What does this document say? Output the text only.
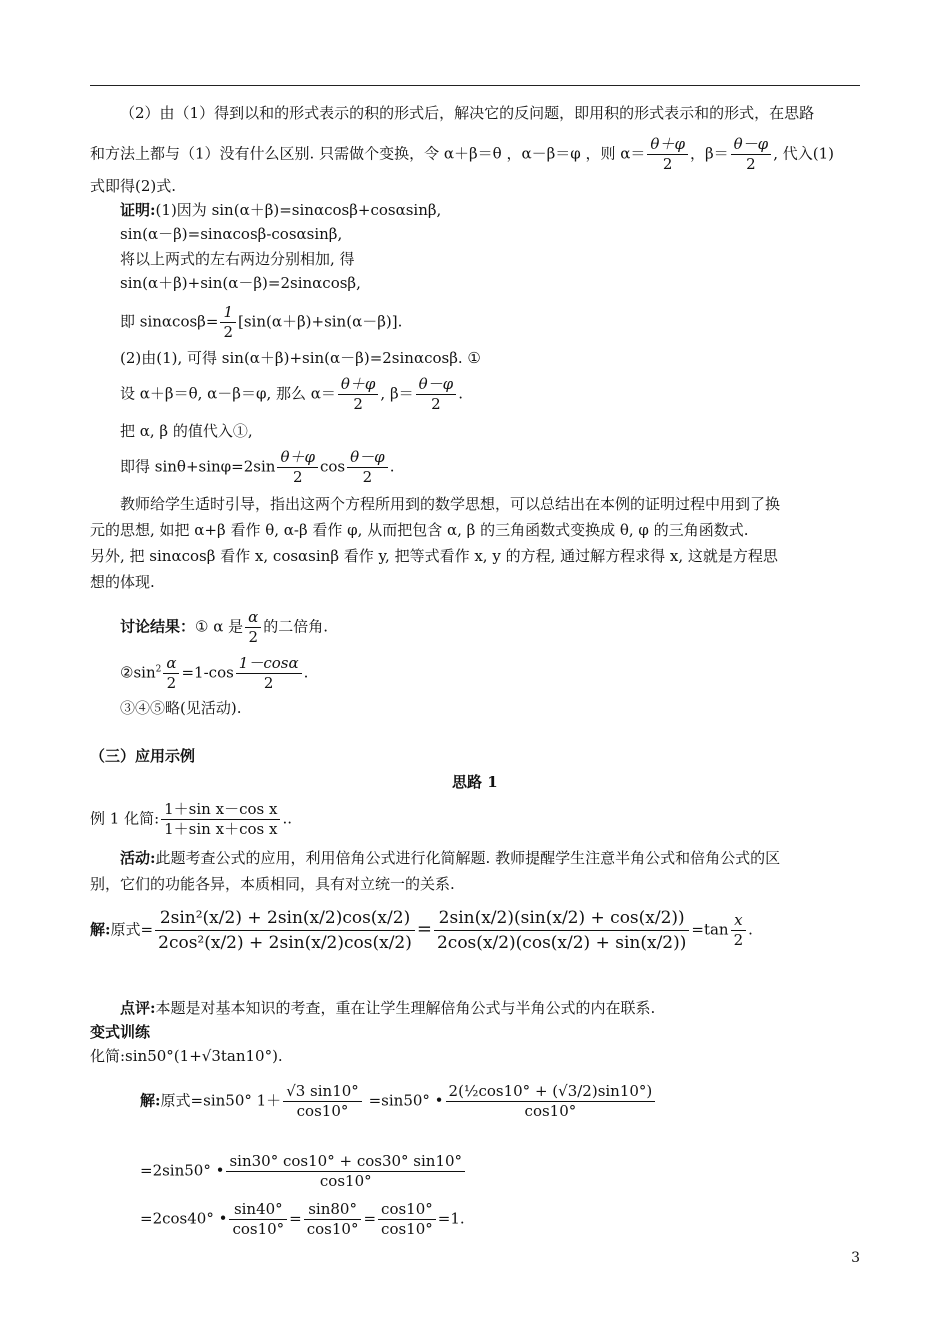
（2）由（1）得到以和的形式表示的积的形式后，解决它的反问题，即用积的形式表示和的形式，在思路
和方法上都与（1）没有什么区别. 只需做个变换，令 α＋β＝θ ，α－β＝φ ，则 $\alpha= \frac{\theta+\varphi}{2}$ ，$\beta= \frac{\theta-\varphi}{2}$ , 代入(1)
式即得(2)式.
证明:(1)因为 sin(α＋β)=sinαcosβ+cosαsinβ,
sin(α－β)=sinαcosβ-cosαsinβ,
将以上两式的左右两边分别相加, 得
sin(α＋β)+sin(α－β)=2sinαcosβ,
即 $\sin\alpha\cos\beta= \frac{1}{2} [\sin(\alpha+\beta)+\sin(\alpha-\beta)]$.
(2)由(1), 可得 sin(α＋β)+sin(α－β)=2sinαcosβ. ①
设 α＋β＝θ, α－β＝φ, 那么 $\alpha= \frac{\theta+\varphi}{2}$ , $\beta= \frac{\theta-\varphi}{2}$ .
把 α, β 的值代入①,
即得 $\sin\theta+\sin\varphi=2\sin \frac{\theta+\varphi}{2}$ $\cos \frac{\theta-\varphi}{2}$ .
教师给学生适时引导，指出这两个方程所用到的数学思想，可以总结出在本例的证明过程中用到了换
元的思想, 如把 α+β 看作 θ, α-β 看作 φ, 从而把包含 α, β 的三角函数式变换成 θ, φ 的三角函数式.
另外, 把 sinαcosβ 看作 x, cosαsinβ 看作 y, 把等式看作 x, y 的方程, 通过解方程求得 x, 这就是方程思
想的体现.
讨论结果：① α 是 $\frac{\alpha}{2}$ 的二倍角.
$②\sin^2 \frac{\alpha}{2} =1-\cos \frac{1-\cos\alpha}{2}$ .
③④⑤略(见活动).
（三）应用示例
思路 1
例 1 化简: $\frac{\text{1＋sin x－cos x}}{\text{1＋sin x＋cos x}}$ ..
活动:此题考查公式的应用，利用倍角公式进行化简解题. 教师提醒学生注意半角公式和倍角公式的区
别，它们的功能各异，本质相同，具有对立统一的关系.
解:原式= $\frac{\text{2sin²(x/2) + 2sin(x/2)cos(x/2)}}{\text{2cos²(x/2) + 2sin(x/2)cos(x/2)}} = \frac{2\sin(x/2)(\sin(x/2) + \cos(x/2))}{2\cos(x/2)(\cos(x/2) + \sin(x/2))} =\tan \frac{x}{2}$ .
点评:本题是对基本知识的考查，重在让学生理解倍角公式与半角公式的内在联系.
变式训练
化简:sin50°(1+√3tan10°).
解:原式=sin50° $1+ \frac{√3 \sin 10^\circ}{\cos 10^\circ} =\sin 50^\circ$ • $\frac{\text{2(½cos10° + (√3/2)sin10°)}}{\cos 10^\circ}$
=2sin50° • $\frac{\sin 30^\circ \cos 10^\circ + \cos 30^\circ \sin 10^\circ}{\cos 10^\circ}$
=2cos40° • $\frac{\sin 40^\circ}{\cos 10^\circ} = \frac{\sin 80^\circ}{\cos 10^\circ} = \frac{\cos 10^\circ}{\cos 10^\circ} =1$.
3
